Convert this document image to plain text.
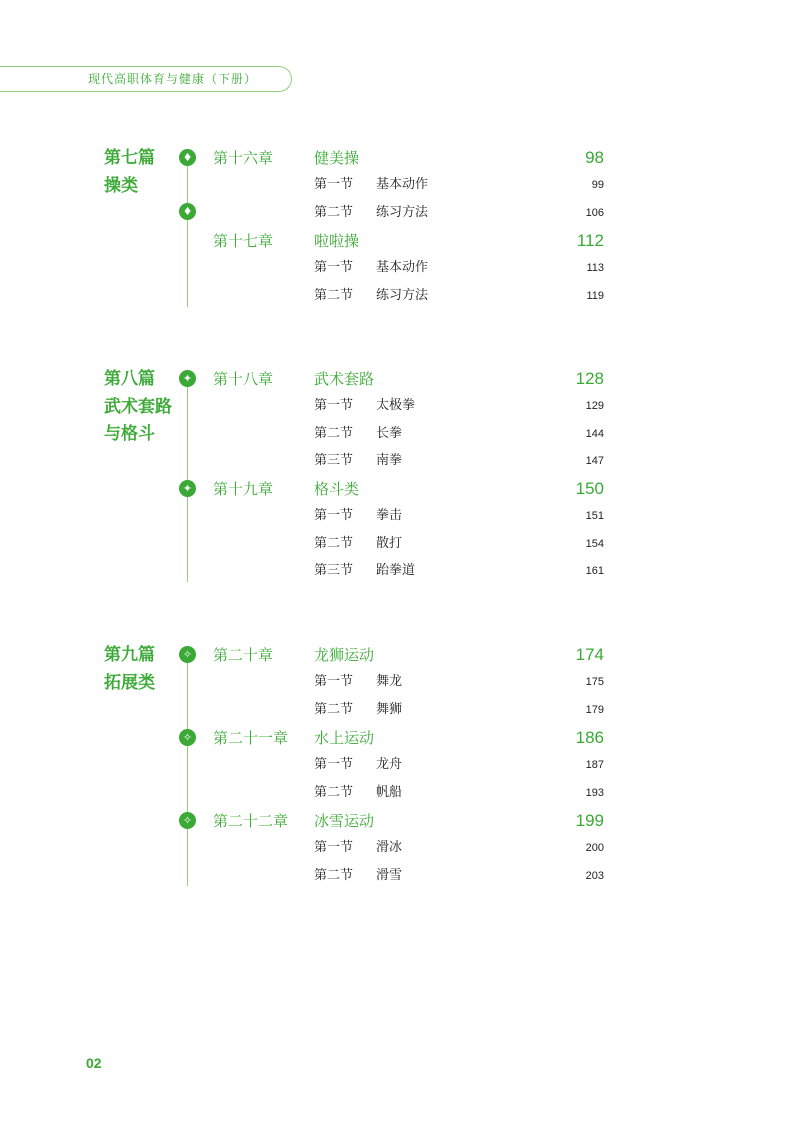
现代高职体育与健康（下册）
第七篇
操类
♦
♦
第十六章	健美操	98
第一节 基本动作	99
第二节 练习方法	106
第十七章	啦啦操	112
第一节 基本动作	113
第二节 练习方法	119
第八篇
武术套路
与格斗
✦
✦
第十八章	武术套路	128
第一节 太极拳	129
第二节 长拳	144
第三节 南拳	147
第十九章	格斗类	150
第一节 拳击	151
第二节 散打	154
第三节 跆拳道	161
第九篇
拓展类
✧
✧
✧
第二十章	龙狮运动	174
第一节 舞龙	175
第二节 舞狮	179
第二十一章 水上运动	186
第一节 龙舟	187
第二节 帆船	193
第二十二章 冰雪运动	199
第一节 滑冰	200
第二节 滑雪	203
02
